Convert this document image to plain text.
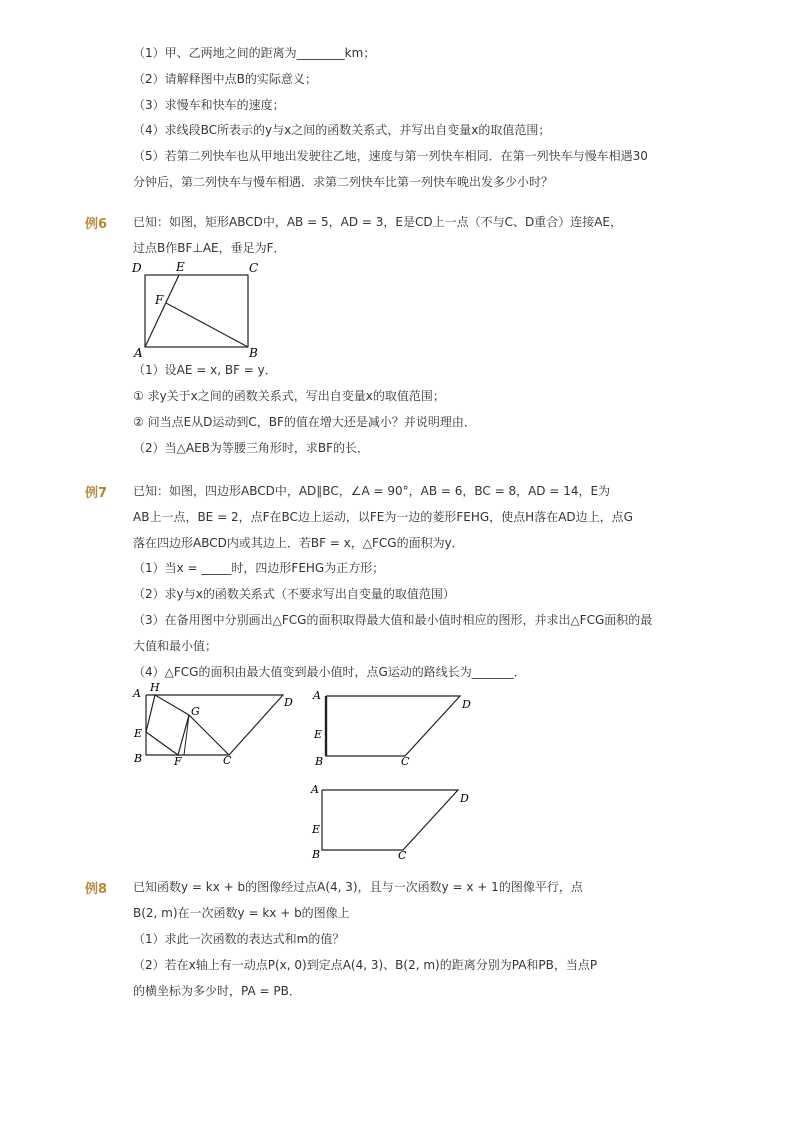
（1）甲、乙两地之间的距离为________km；
（2）请解释图中点B的实际意义；
（3）求慢车和快车的速度；
（4）求线段BC所表示的y与x之间的函数关系式，并写出自变量x的取值范围；
（5）若第二列快车也从甲地出发驶往乙地，速度与第一列快车相同．在第一列快车与慢车相遇30
分钟后，第二列快车与慢车相遇．求第二列快车比第一列快车晚出发多少小时？
例6 已知：如图，矩形ABCD中，AB = 5，AD = 3，E是CD上一点（不与C、D重合）连接AE，
过点B作BF⊥AE，垂足为F．
D	E	C
F
A	B
（1）设AE = x, BF = y．
① 求y关于x之间的函数关系式，写出自变量x的取值范围；
② 问当点E从D运动到C，BF的值在增大还是减小？并说明理由．
（2）当△AEB为等腰三角形时，求BF的长．
例7 已知：如图，四边形ABCD中，AD∥BC，∠A = 90°，AB = 6，BC = 8，AD = 14，E为
AB上一点，BE = 2，点F在BC边上运动，以FE为一边的菱形FEHG，使点H落在AD边上，点G
落在四边形ABCD内或其边上．若BF = x，△FCG的面积为y．
（1）当x = _____时，四边形FEHG为正方形；
（2）求y与x的函数关系式（不要求写出自变量的取值范围）
（3）在备用图中分别画出△FCG的面积取得最大值和最小值时相应的图形，并求出△FCG面积的最
大值和最小值；
（4）△FCG的面积由最大值变到最小值时，点G运动的路线长为_______．
A H
D
G
E
B	F	C
A
D
E
B	C
A
D
E
B	C
例8 已知函数y = kx + b的图像经过点A(4, 3)，且与一次函数y = x + 1的图像平行，点
B(2, m)在一次函数y = kx + b的图像上
（1）求此一次函数的表达式和m的值？
（2）若在x轴上有一动点P(x, 0)到定点A(4, 3)、B(2, m)的距离分别为PA和PB，当点P
的横坐标为多少时，PA = PB．
